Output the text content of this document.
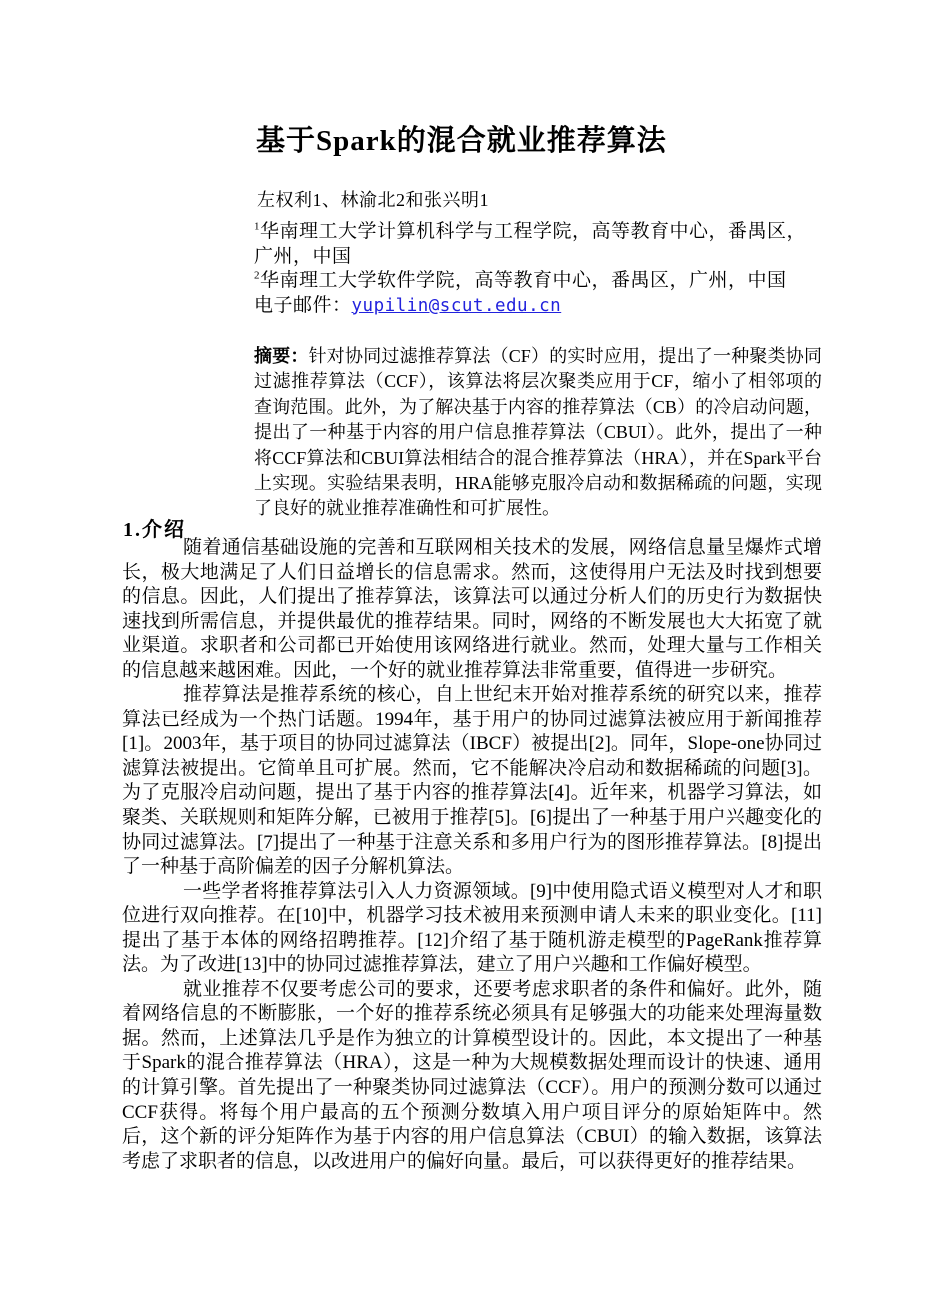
基于Spark的混合就业推荐算法
左权利1、林渝北2和张兴明1
$^1$华南理工大学计算机科学与工程学院，高等教育中心，番禺区，广州，中国
$^2$华南理工大学软件学院，高等教育中心，番禺区，广州，中国
电子邮件：yupilin@scut.edu.cn
摘要：针对协同过滤推荐算法（CF）的实时应用，提出了一种聚类协同过滤推荐算法（CCF），该算法将层次聚类应用于CF，缩小了相邻项的查询范围。此外，为了解决基于内容的推荐算法（CB）的冷启动问题，提出了一种基于内容的用户信息推荐算法（CBUI）。此外，提出了一种将CCF算法和CBUI算法相结合的混合推荐算法（HRA），并在Spark平台上实现。实验结果表明，HRA能够克服冷启动和数据稀疏的问题，实现了良好的就业推荐准确性和可扩展性。
1.介绍

随着通信基础设施的完善和互联网相关技术的发展，网络信息量呈爆炸式增长，极大地满足了人们日益增长的信息需求。然而，这使得用户无法及时找到想要的信息。因此，人们提出了推荐算法，该算法可以通过分析人们的历史行为数据快速找到所需信息，并提供最优的推荐结果。同时，网络的不断发展也大大拓宽了就业渠道。求职者和公司都已开始使用该网络进行就业。然而，处理大量与工作相关的信息越来越困难。因此，一个好的就业推荐算法非常重要，值得进一步研究。

推荐算法是推荐系统的核心，自上世纪末开始对推荐系统的研究以来，推荐算法已经成为一个热门话题。1994年，基于用户的协同过滤算法被应用于新闻推荐[1]。2003年，基于项目的协同过滤算法（IBCF）被提出[2]。同年，Slope-one协同过滤算法被提出。它简单且可扩展。然而，它不能解决冷启动和数据稀疏的问题[3]。为了克服冷启动问题，提出了基于内容的推荐算法[4]。近年来，机器学习算法，如聚类、关联规则和矩阵分解，已被用于推荐[5]。[6]提出了一种基于用户兴趣变化的协同过滤算法。[7]提出了一种基于注意关系和多用户行为的图形推荐算法。[8]提出了一种基于高阶偏差的因子分解机算法。

一些学者将推荐算法引入人力资源领域。[9]中使用隐式语义模型对人才和职位进行双向推荐。在[10]中，机器学习技术被用来预测申请人未来的职业变化。[11]提出了基于本体的网络招聘推荐。[12]介绍了基于随机游走模型的PageRank推荐算法。为了改进[13]中的协同过滤推荐算法，建立了用户兴趣和工作偏好模型。

就业推荐不仅要考虑公司的要求，还要考虑求职者的条件和偏好。此外，随着网络信息的不断膨胀，一个好的推荐系统必须具有足够强大的功能来处理海量数据。然而，上述算法几乎是作为独立的计算模型设计的。因此，本文提出了一种基于Spark的混合推荐算法（HRA），这是一种为大规模数据处理而设计的快速、通用的计算引擎。首先提出了一种聚类协同过滤算法（CCF）。用户的预测分数可以通过CCF获得。将每个用户最高的五个预测分数填入用户项目评分的原始矩阵中。然后，这个新的评分矩阵作为基于内容的用户信息算法（CBUI）的输入数据，该算法考虑了求职者的信息，以改进用户的偏好向量。最后，可以获得更好的推荐结果。
